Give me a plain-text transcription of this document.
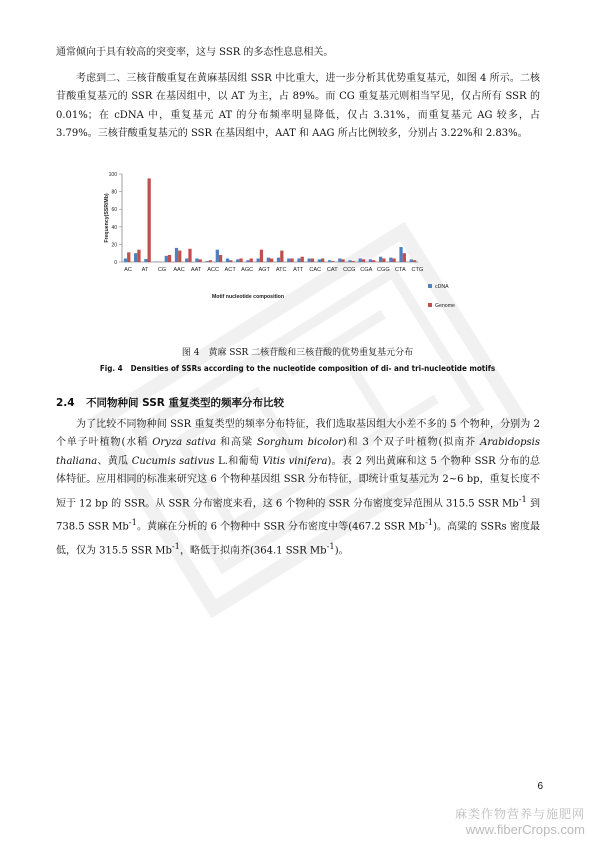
通常倾向于具有较高的突变率，这与 SSR 的多态性息息相关。

考虑到二、三核苷酸重复在黄麻基因组 SSR 中比重大，进一步分析其优势重复基元，如图 4 所示。二核苷酸重复基元的 SSR 在基因组中，以 AT 为主，占 89%。而 CG 重复基元则相当罕见，仅占所有 SSR 的 0.01%；在 cDNA 中，重复基元 AT 的分布频率明显降低，仅占 3.31%，而重复基元 AG 较多，占 3.79%。三核苷酸重复基元的 SSR 在基因组中，AAT 和 AAG 所占比例较多，分别占 3.22%和 2.83%。

0
20
40
60
80
100
Frequency(SSR/Mb)
AC AT CG AAC AAT ACC ACT AGC AGT ATC ATT CAC CAT CCG CGA CGG CTA CTG
Motif nucleotide composition
cDNA
Genome
图 4　黄麻 SSR 二核苷酸和三核苷酸的优势重复基元分布
Fig. 4　Densities of SSRs according to the nucleotide composition of di- and tri-nucleotide motifs
2.4 不同物种间 SSR 重复类型的频率分布比较

为了比较不同物种间 SSR 重复类型的频率分布特征，我们选取基因组大小差不多的 5 个物种，分别为 2 个单子叶植物(水稻 Oryza sativa 和高粱 Sorghum bicolor)和 3 个双子叶植物(拟南芥 Arabidopsis thaliana、黄瓜 Cucumis sativus L.和葡萄 Vitis vinifera)。表 2 列出黄麻和这 5 个物种 SSR 分布的总体特征。应用相同的标准来研究这 6 个物种基因组 SSR 分布特征，即统计重复基元为 2~6 bp，重复长度不短于 12 bp 的 SSR。从 SSR 分布密度来看，这 6 个物种的 SSR 分布密度变异范围从 315.5 SSR $Mb^{-1}$ 到 738.5 SSR $Mb^{-1}$。黄麻在分析的 6 个物种中 SSR 分布密度中等(467.2 SSR $Mb^{-1}$)。高粱的 SSRs 密度最低，仅为 315.5 SSR $Mb^{-1}$，略低于拟南芥(364.1 SSR $Mb^{-1}$)。

6
麻类作物营养与施肥网
www.fiberCrops.com
